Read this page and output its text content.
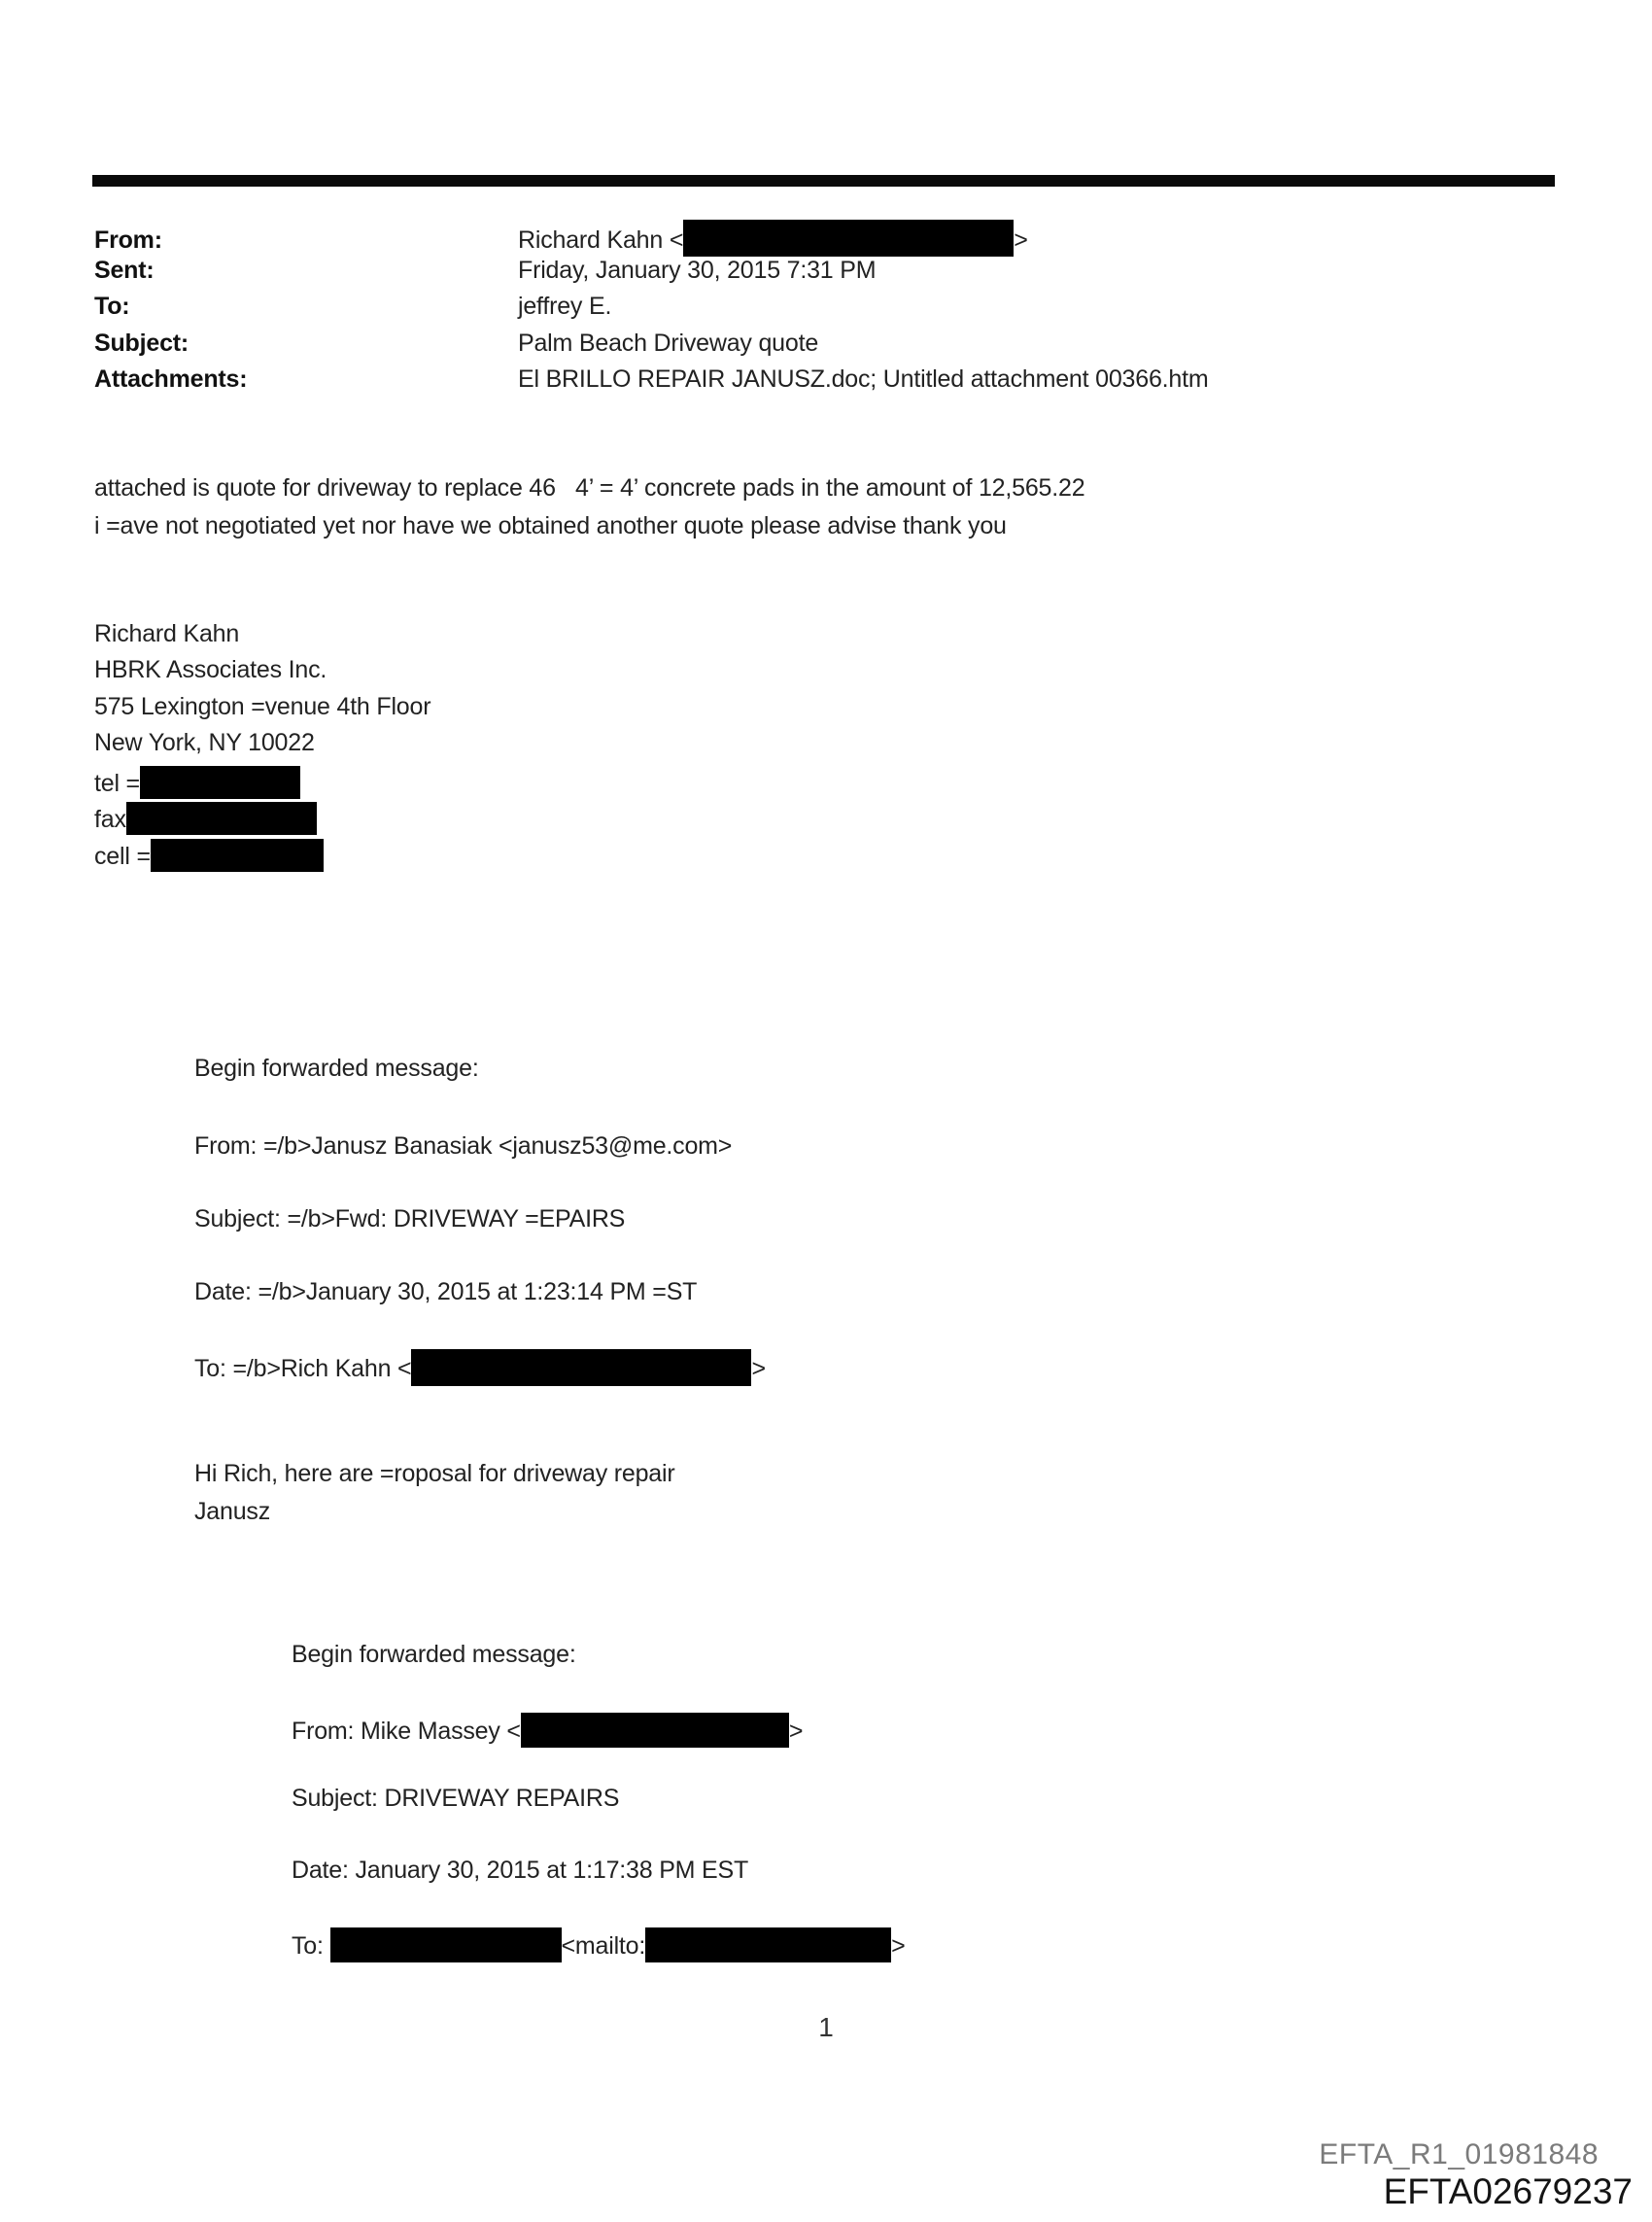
From:	Richard Kahn <	>
Sent:	Friday, January 30, 2015 7:31 PM
To:	jeffrey E.
Subject:	Palm Beach Driveway quote
Attachments:	El BRILLO REPAIR JANUSZ.doc; Untitled attachment 00366.htm
attached is quote for driveway to replace 46   4’ = 4’ concrete pads in the amount of 12,565.22
i =ave not negotiated yet nor have we obtained another quote please advise thank you
Richard Kahn
HBRK Associates Inc.
575 Lexington =venue 4th Floor
New York, NY 10022
tel =
fax
cell =
Begin forwarded message:
From: =/b>Janusz Banasiak <janusz53@me.com>
Subject: =/b>Fwd: DRIVEWAY =EPAIRS
Date: =/b>January 30, 2015 at 1:23:14 PM =ST
To: =/b>Rich Kahn <	>
Hi Rich, here are =roposal for driveway repair
Janusz
Begin forwarded message:
From: Mike Massey <	>
Subject: DRIVEWAY REPAIRS
Date: January 30, 2015 at 1:17:38 PM EST
To:	<mailto:	>
1
EFTA_R1_01981848
EFTA02679237
